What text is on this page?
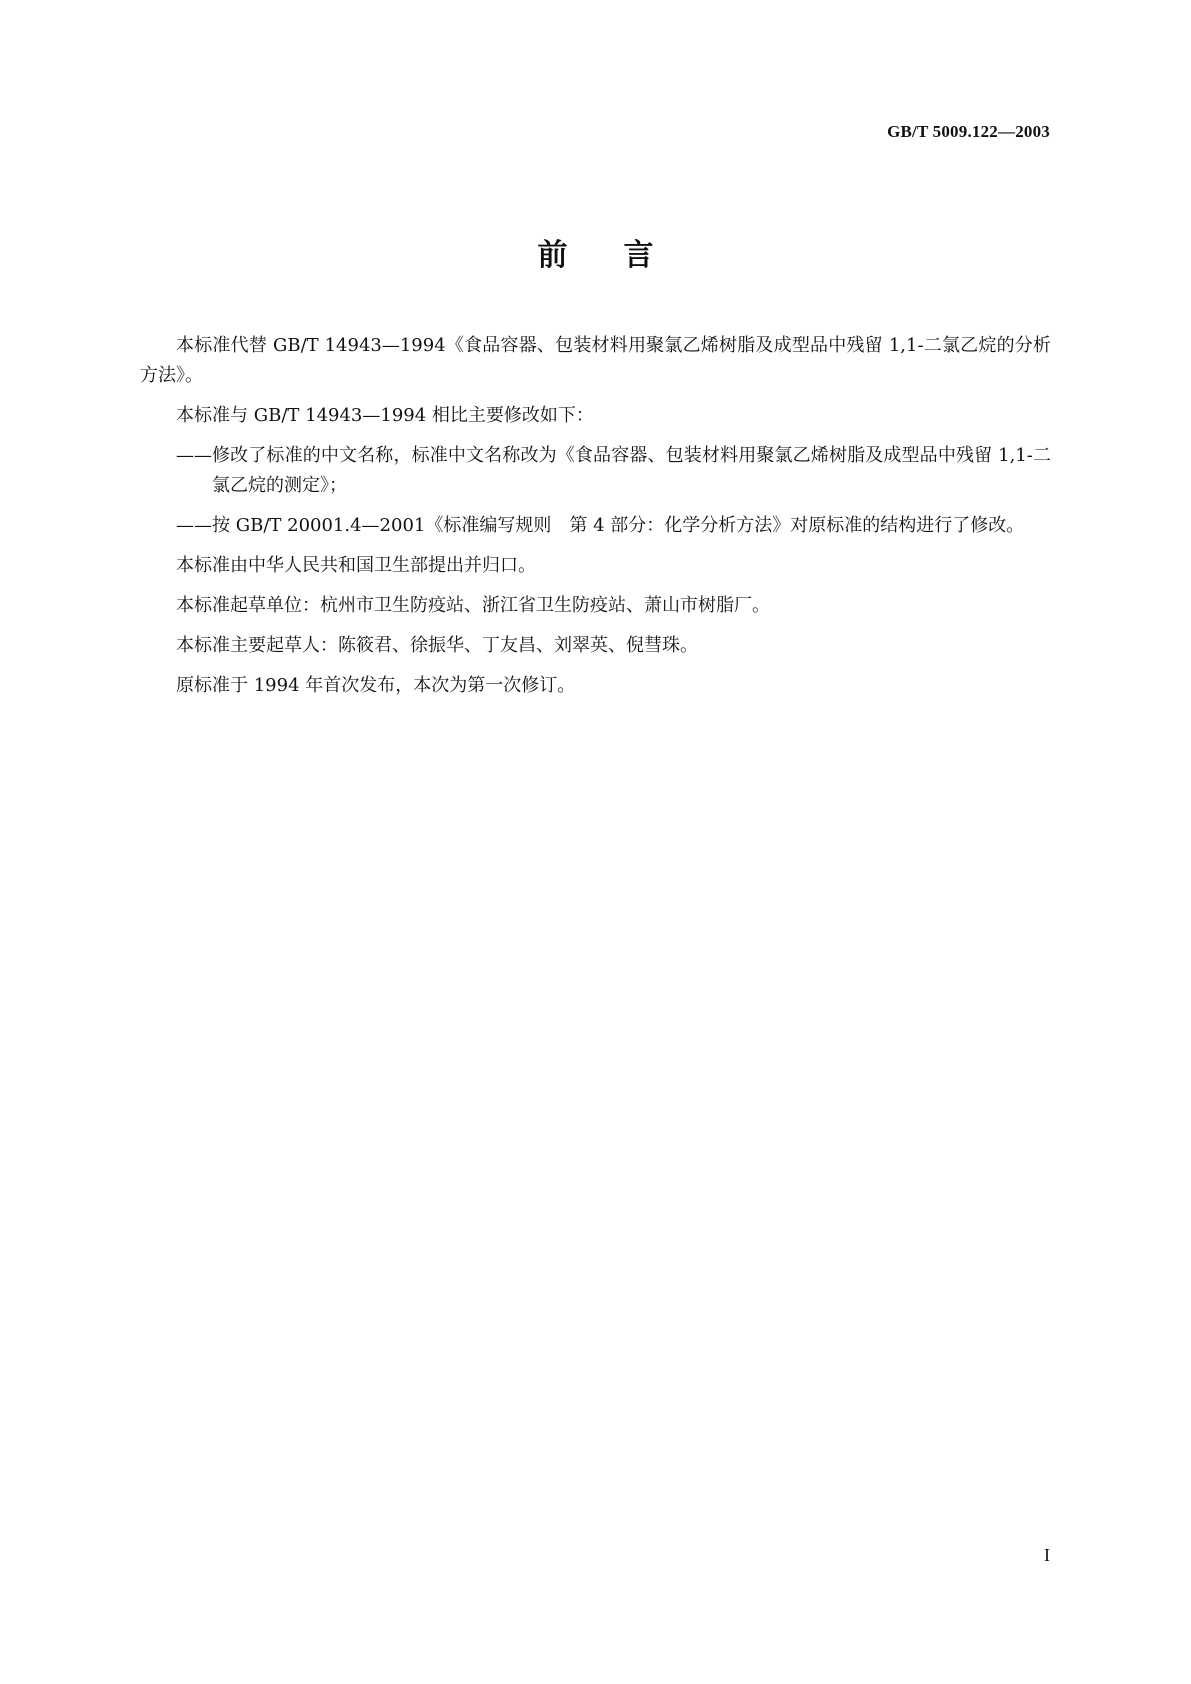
GB/T 5009.122—2003
前言

本标准代替 GB/T 14943—1994《食品容器、包装材料用聚氯乙烯树脂及成型品中残留 1,1-二氯乙烷的分析方法》。

本标准与 GB/T 14943—1994 相比主要修改如下：

—— 修改了标准的中文名称，标准中文名称改为《食品容器、包装材料用聚氯乙烯树脂及成型品中残留 1,1-二氯乙烷的测定》；
—— 按 GB/T 20001.4—2001《标准编写规则　第 4 部分：化学分析方法》对原标准的结构进行了修改。

本标准由中华人民共和国卫生部提出并归口。

本标准起草单位：杭州市卫生防疫站、浙江省卫生防疫站、萧山市树脂厂。

本标准主要起草人：陈筱君、徐振华、丁友昌、刘翠英、倪彗珠。

原标准于 1994 年首次发布，本次为第一次修订。

I
